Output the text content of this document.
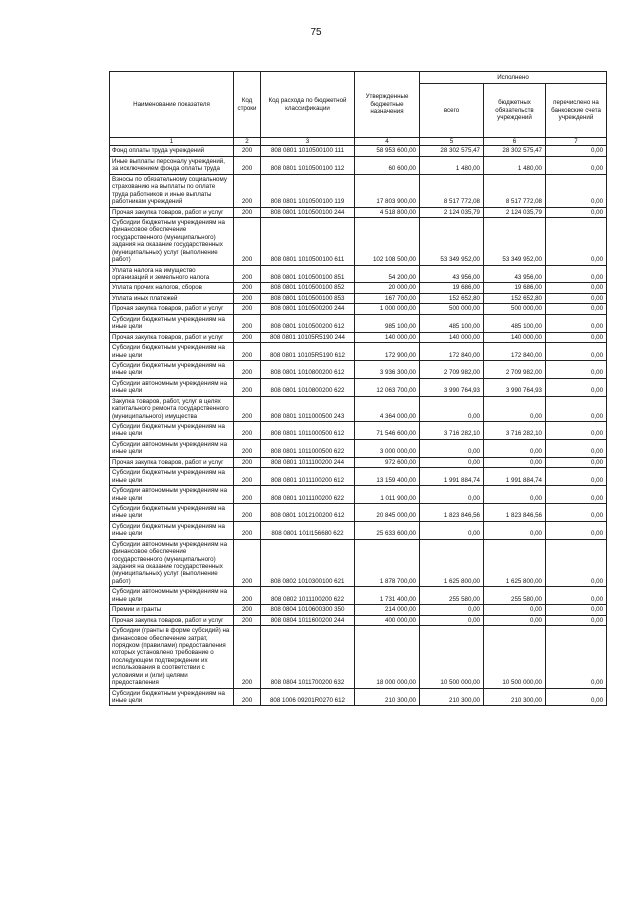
75
Наименование показателя	Код строки	Код расхода по бюджетной классификации	Утвержденные бюджетные назначения	Исполнено		
				всего	бюджетных обязательств учреждений	перечислено на банковские счета учреждений
1	2	3	4	5	6	7
Фонд оплаты труда учреждений	200	808 0801 1010500100 111	58 953 600,00	28 302 575,47	28 302 575,47	0,00
Иные выплаты персоналу учреждений, за исключением фонда оплаты труда	200	808 0801 1010500100 112	60 600,00	1 480,00	1 480,00	0,00
Взносы по обязательному социальному страхованию на выплаты по оплате труда работников и иные выплаты работникам учреждений	200	808 0801 1010500100 119	17 803 900,00	8 517 772,08	8 517 772,08	0,00
Прочая закупка товаров, работ и услуг	200	808 0801 1010500100 244	4 518 800,00	2 124 035,79	2 124 035,79	0,00
Субсидии бюджетным учреждениям на финансовое обеспечение государственного (муниципального) задания на оказание государственных (муниципальных) услуг (выполнение работ)	200	808 0801 1010500100 611	102 108 500,00	53 349 952,00	53 349 952,00	0,00
Уплата налога на имущество организаций и земельного налога	200	808 0801 1010500100 851	54 200,00	43 956,00	43 956,00	0,00
Уплата прочих налогов, сборов	200	808 0801 1010500100 852	20 000,00	19 686,00	19 686,00	0,00
Уплата иных платежей	200	808 0801 1010500100 853	167 700,00	152 652,80	152 652,80	0,00
Прочая закупка товаров, работ и услуг	200	808 0801 1010500200 244	1 000 000,00	500 000,00	500 000,00	0,00
Субсидии бюджетным учреждениям на иные цели	200	808 0801 1010500200 612	985 100,00	485 100,00	485 100,00	0,00
Прочая закупка товаров, работ и услуг	200	808 0801 10105R5190 244	140 000,00	140 000,00	140 000,00	0,00
Субсидии бюджетным учреждениям на иные цели	200	808 0801 10105R5190 612	172 900,00	172 840,00	172 840,00	0,00
Субсидии бюджетным учреждениям на иные цели	200	808 0801 1010800200 612	3 936 300,00	2 709 982,00	2 709 982,00	0,00
Субсидии автономным учреждениям на иные цели	200	808 0801 1010800200 622	12 063 700,00	3 990 764,93	3 990 764,93	0,00
Закупка товаров, работ, услуг в целях капитального ремонта государственного (муниципального) имущества	200	808 0801 1011000500 243	4 364 000,00	0,00	0,00	0,00
Субсидии бюджетным учреждениям на иные цели	200	808 0801 1011000500 612	71 546 600,00	3 716 282,10	3 716 282,10	0,00
Субсидии автономным учреждениям на иные цели	200	808 0801 1011000500 622	3 000 000,00	0,00	0,00	0,00
Прочая закупка товаров, работ и услуг	200	808 0801 1011100200 244	972 600,00	0,00	0,00	0,00
Субсидии бюджетным учреждениям на иные цели	200	808 0801 1011100200 612	13 159 400,00	1 991 884,74	1 991 884,74	0,00
Субсидии автономным учреждениям на иные цели	200	808 0801 1011100200 622	1 011 900,00	0,00	0,00	0,00
Субсидии бюджетным учреждениям на иные цели	200	808 0801 1012100200 612	20 845 000,00	1 823 846,56	1 823 846,56	0,00
Субсидии бюджетным учреждениям на иные цели	200	808 0801 101I156680 622	25 633 600,00	0,00	0,00	0,00
Субсидии автономным учреждениям на финансовое обеспечение государственного (муниципального) задания на оказание государственных (муниципальных) услуг (выполнение работ)	200	808 0802 1010300100 621	1 878 700,00	1 625 800,00	1 625 800,00	0,00
Субсидии автономным учреждениям на иные цели	200	808 0802 1011100200 622	1 731 400,00	255 580,00	255 580,00	0,00
Премии и гранты	200	808 0804 1010600300 350	214 000,00	0,00	0,00	0,00
Прочая закупка товаров, работ и услуг	200	808 0804 1011600200 244	400 000,00	0,00	0,00	0,00
Субсидии (гранты в форме субсидий) на финансовое обеспечение затрат, порядком (правилами) предоставления которых установлено требование о последующем подтверждении их использования в соответствии с условиями и (или) целями предоставления	200	808 0804 1011700200 632	18 000 000,00	10 500 000,00	10 500 000,00	0,00
Субсидии бюджетным учреждениям на иные цели	200	808 1006 09201R0270 612	210 300,00	210 300,00	210 300,00	0,00
